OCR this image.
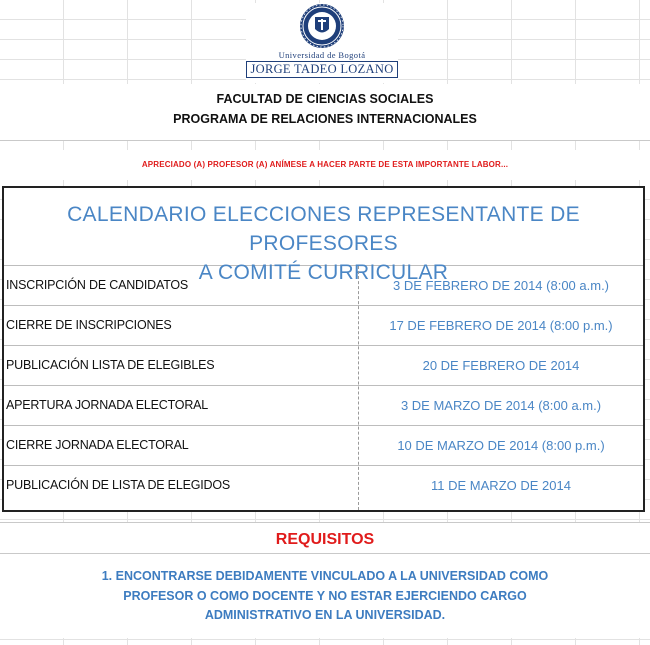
Universidad de Bogotá
JORGE TADEO LOZANO
FACULTAD DE CIENCIAS SOCIALES
PROGRAMA DE RELACIONES INTERNACIONALES
APRECIADO (A) PROFESOR (A) ANÍMESE A HACER PARTE DE ESTA IMPORTANTE LABOR...
CALENDARIO ELECCIONES REPRESENTANTE DE PROFESORES
A COMITÉ CURRICULAR
INSCRIPCIÓN DE CANDIDATOS	3 DE FEBRERO DE 2014 (8:00 a.m.)
CIERRE DE INSCRIPCIONES	17 DE FEBRERO DE 2014 (8:00 p.m.)
PUBLICACIÓN LISTA DE ELEGIBLES	20 DE FEBRERO DE 2014
APERTURA JORNADA ELECTORAL	3 DE MARZO DE 2014 (8:00 a.m.)
CIERRE JORNADA ELECTORAL	10 DE MARZO DE 2014 (8:00 p.m.)
PUBLICACIÓN DE LISTA DE ELEGIDOS	11 DE MARZO DE 2014
REQUISITOS
1. ENCONTRARSE DEBIDAMENTE VINCULADO A LA UNIVERSIDAD COMO PROFESOR O COMO DOCENTE Y NO ESTAR EJERCIENDO CARGO ADMINISTRATIVO EN LA UNIVERSIDAD.
